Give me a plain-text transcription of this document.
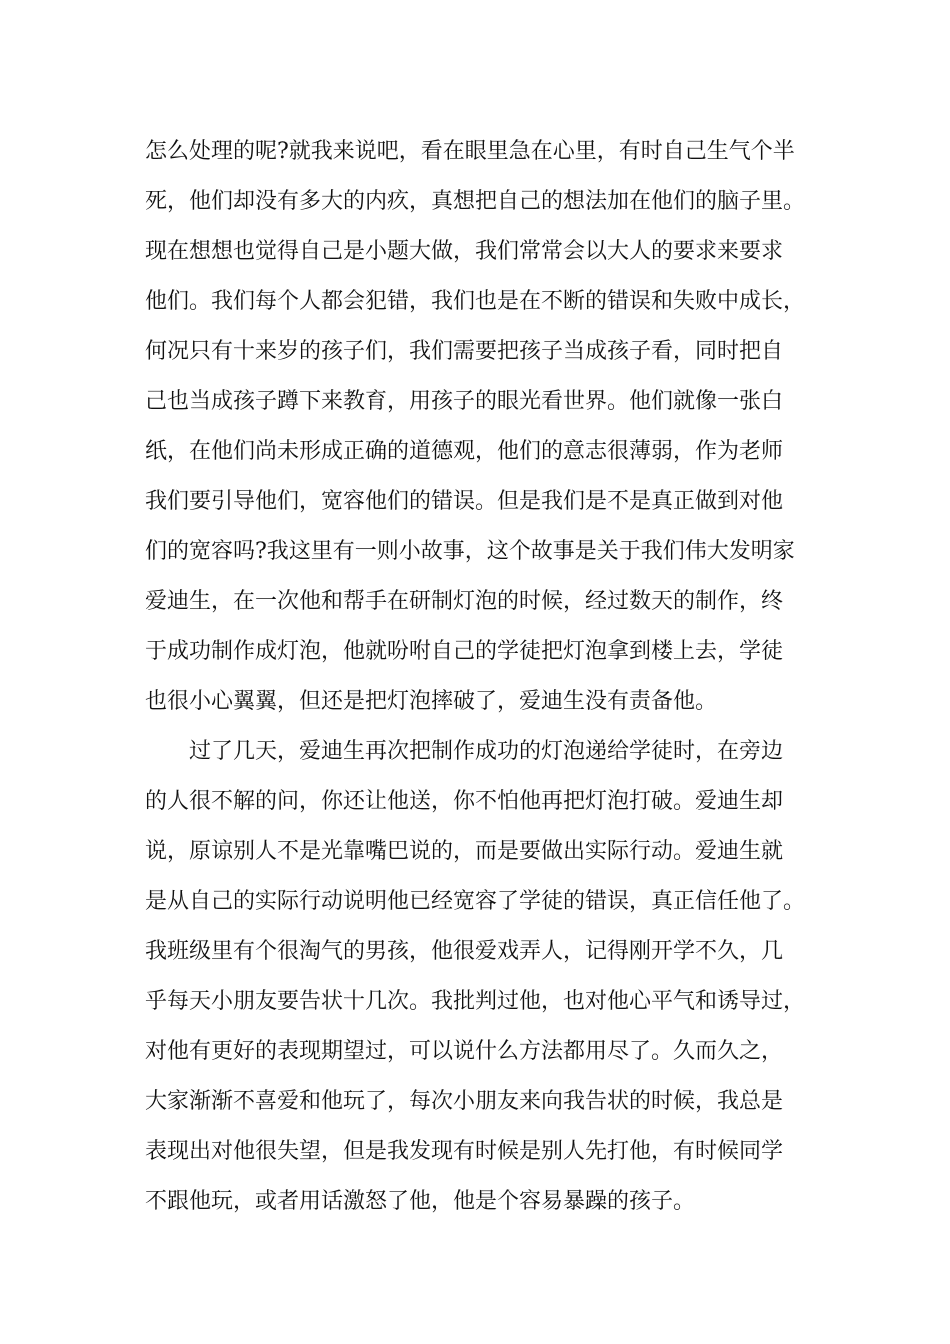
怎么处理的呢?就我来说吧，看在眼里急在心里，有时自己生气个半

死，他们却没有多大的内疚，真想把自己的想法加在他们的脑子里。

现在想想也觉得自己是小题大做，我们常常会以大人的要求来要求

他们。我们每个人都会犯错，我们也是在不断的错误和失败中成长，

何况只有十来岁的孩子们，我们需要把孩子当成孩子看，同时把自

己也当成孩子蹲下来教育，用孩子的眼光看世界。他们就像一张白

纸，在他们尚未形成正确的道德观，他们的意志很薄弱，作为老师

我们要引导他们，宽容他们的错误。但是我们是不是真正做到对他

们的宽容吗?我这里有一则小故事，这个故事是关于我们伟大发明家

爱迪生，在一次他和帮手在研制灯泡的时候，经过数天的制作，终

于成功制作成灯泡，他就吩咐自己的学徒把灯泡拿到楼上去，学徒

也很小心翼翼，但还是把灯泡摔破了，爱迪生没有责备他。

过了几天，爱迪生再次把制作成功的灯泡递给学徒时，在旁边

的人很不解的问，你还让他送，你不怕他再把灯泡打破。爱迪生却

说，原谅别人不是光靠嘴巴说的，而是要做出实际行动。爱迪生就

是从自己的实际行动说明他已经宽容了学徒的错误，真正信任他了。

我班级里有个很淘气的男孩，他很爱戏弄人，记得刚开学不久，几

乎每天小朋友要告状十几次。我批判过他，也对他心平气和诱导过，

对他有更好的表现期望过，可以说什么方法都用尽了。久而久之，

大家渐渐不喜爱和他玩了，每次小朋友来向我告状的时候，我总是

表现出对他很失望，但是我发现有时候是别人先打他，有时候同学

不跟他玩，或者用话激怒了他，他是个容易暴躁的孩子。
